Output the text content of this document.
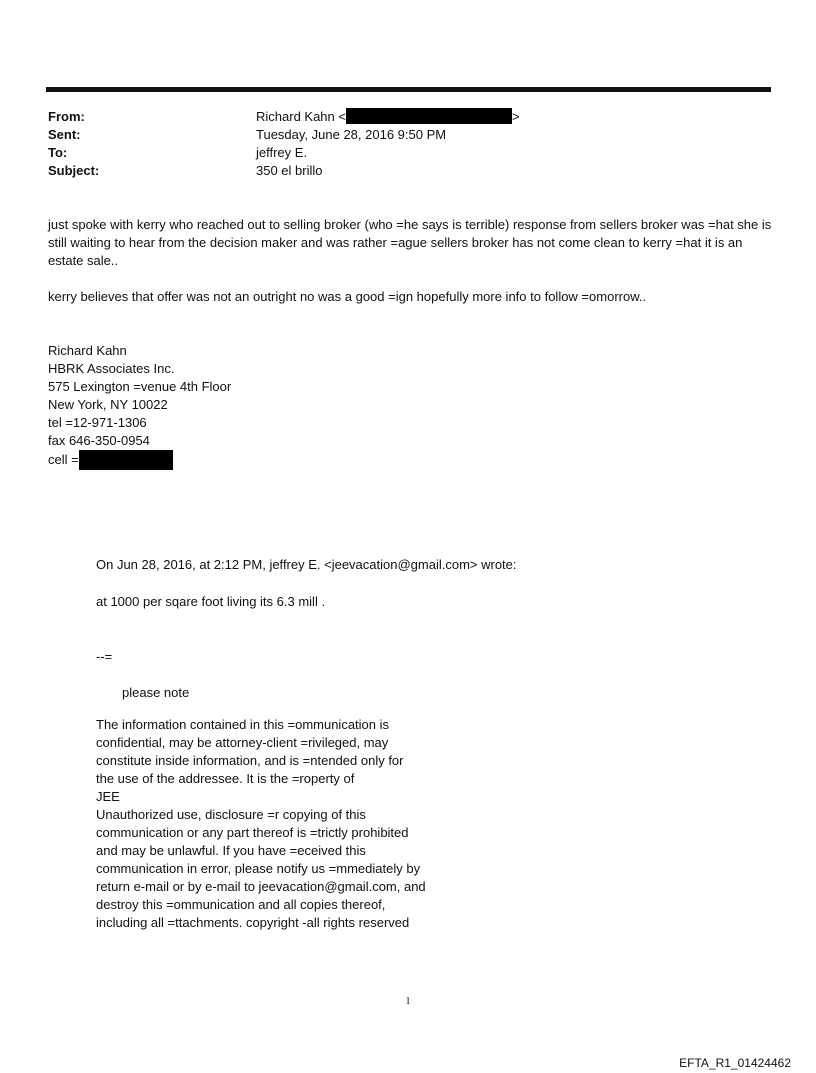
From:	Richard Kahn <	>
Sent:	Tuesday, June 28, 2016 9:50 PM
To:	jeffrey E.
Subject:	350 el brillo

just spoke with kerry who reached out to selling broker (who =he says is terrible) response from sellers broker was =hat she is still waiting to hear from the decision maker and was rather =ague sellers broker has not come clean to kerry =hat it is an estate sale..

kerry believes that offer was not an outright no was a good =ign hopefully more info to follow =omorrow..

Richard Kahn
HBRK Associates Inc.
575 Lexington =venue 4th Floor
New York, NY 10022
tel =12-971-1306
fax 646-350-0954
cell =

On Jun 28, 2016, at 2:12 PM, jeffrey E. <jeevacation@gmail.com> wrote:

at 1000 per sqare foot living its 6.3 mill .

--=

please note

The information contained in this =ommunication is
confidential, may be attorney-client =rivileged, may
constitute inside information, and is =ntended only for
the use of the addressee. It is the =roperty of
JEE
Unauthorized use, disclosure =r copying of this
communication or any part thereof is =trictly prohibited
and may be unlawful. If you have =eceived this
communication in error, please notify us =mmediately by
return e-mail or by e-mail to jeevacation@gmail.com, and
destroy this =ommunication and all copies thereof,
including all =ttachments. copyright -all rights reserved
1
EFTA_R1_01424462
